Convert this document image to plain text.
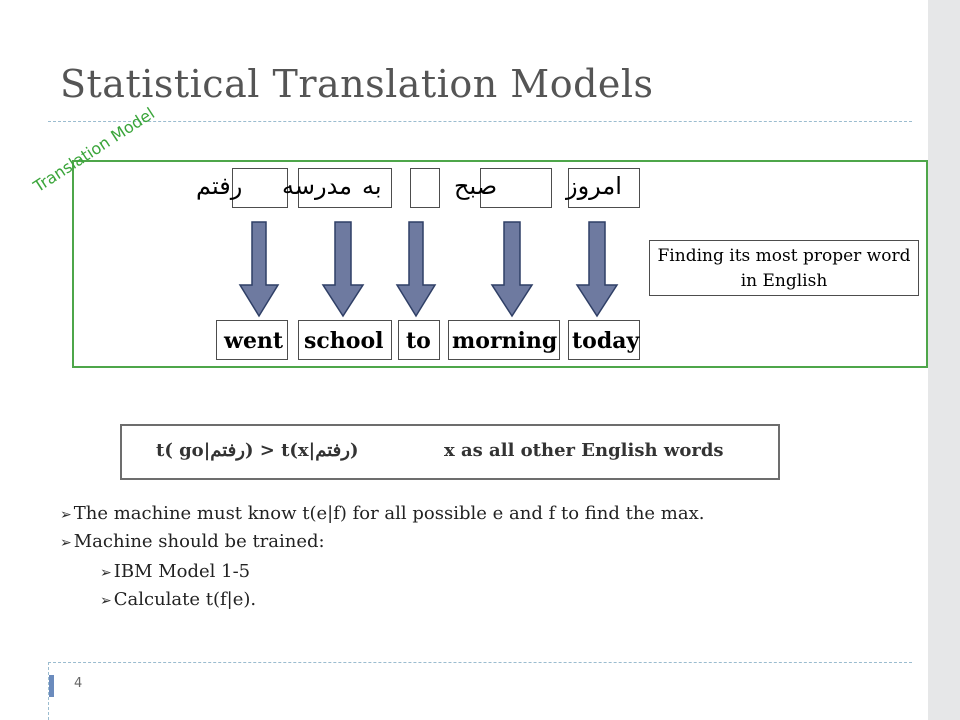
Statistical Translation Models
Translation Model رفتم مدرسه به	صبح	امروز
Finding its most proper word in English
went school to morning today
t( go|رفتم) > t(x|رفتم)	x as all other English words
➢ The machine must know t(e|f) for all possible e and f to find the max.
➢ Machine should be trained:
➢ IBM Model 1-5
➢ Calculate t(f|e).
4
